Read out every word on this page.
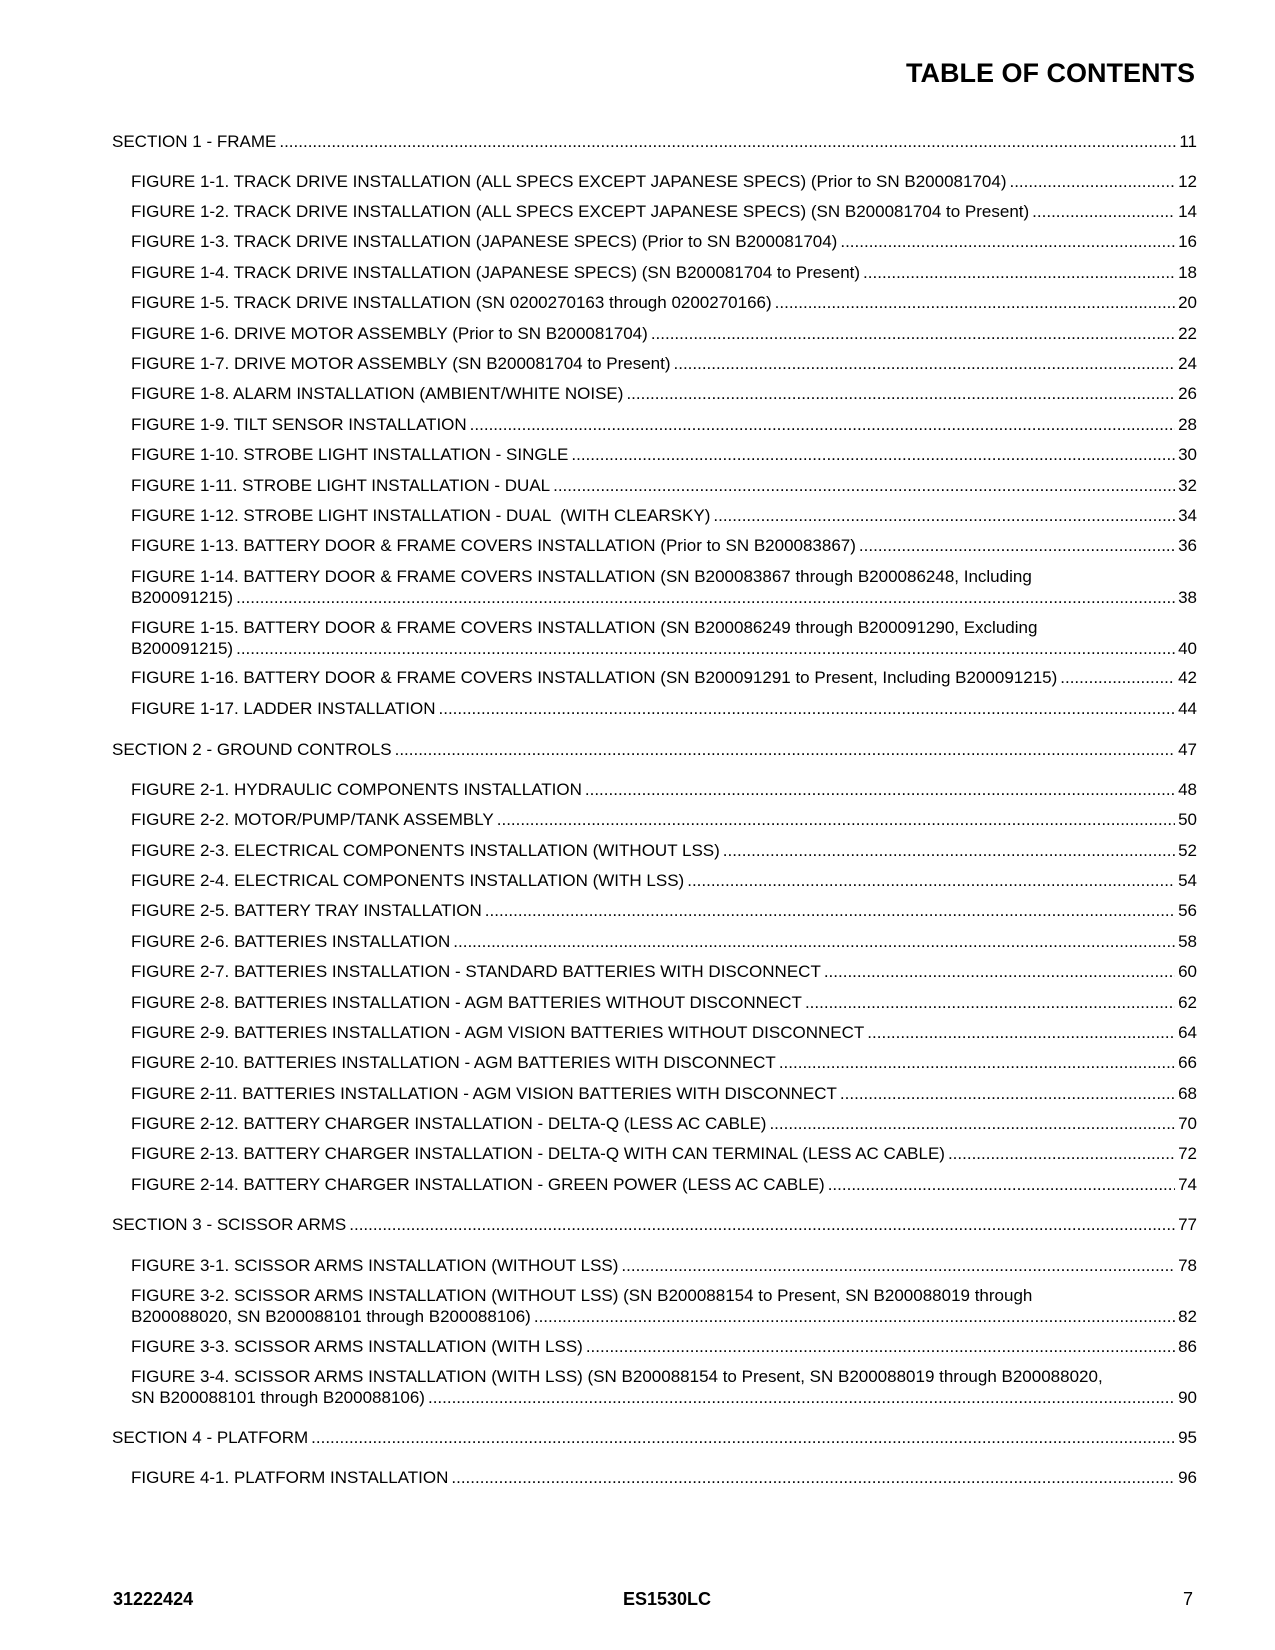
TABLE OF CONTENTS
SECTION 1 - FRAME .....	11
FIGURE 1-1. TRACK DRIVE INSTALLATION (ALL SPECS EXCEPT JAPANESE SPECS) (Prior to SN B200081704) .....	12
FIGURE 1-2. TRACK DRIVE INSTALLATION (ALL SPECS EXCEPT JAPANESE SPECS) (SN B200081704 to Present) .....	14
FIGURE 1-3. TRACK DRIVE INSTALLATION (JAPANESE SPECS) (Prior to SN B200081704) .....	16
FIGURE 1-4. TRACK DRIVE INSTALLATION (JAPANESE SPECS) (SN B200081704 to Present) .....	18
FIGURE 1-5. TRACK DRIVE INSTALLATION (SN 0200270163 through 0200270166) .....	20
FIGURE 1-6. DRIVE MOTOR ASSEMBLY (Prior to SN B200081704) .....	22
FIGURE 1-7. DRIVE MOTOR ASSEMBLY (SN B200081704 to Present) .....	24
FIGURE 1-8. ALARM INSTALLATION (AMBIENT/WHITE NOISE) .....	26
FIGURE 1-9. TILT SENSOR INSTALLATION .....	28
FIGURE 1-10. STROBE LIGHT INSTALLATION - SINGLE .....	30
FIGURE 1-11. STROBE LIGHT INSTALLATION - DUAL .....	32
FIGURE 1-12. STROBE LIGHT INSTALLATION - DUAL  (WITH CLEARSKY) .....	34
FIGURE 1-13. BATTERY DOOR & FRAME COVERS INSTALLATION (Prior to SN B200083867) .....	36
FIGURE 1-14. BATTERY DOOR & FRAME COVERS INSTALLATION (SN B200083867 through B200086248, Including
B200091215) .....	38
FIGURE 1-15. BATTERY DOOR & FRAME COVERS INSTALLATION (SN B200086249 through B200091290, Excluding
B200091215) .....	40
FIGURE 1-16. BATTERY DOOR & FRAME COVERS INSTALLATION (SN B200091291 to Present, Including B200091215) .....	42
FIGURE 1-17. LADDER INSTALLATION .....	44
SECTION 2 - GROUND CONTROLS .....	47
FIGURE 2-1. HYDRAULIC COMPONENTS INSTALLATION .....	48
FIGURE 2-2. MOTOR/PUMP/TANK ASSEMBLY .....	50
FIGURE 2-3. ELECTRICAL COMPONENTS INSTALLATION (WITHOUT LSS) .....	52
FIGURE 2-4. ELECTRICAL COMPONENTS INSTALLATION (WITH LSS) .....	54
FIGURE 2-5. BATTERY TRAY INSTALLATION .....	56
FIGURE 2-6. BATTERIES INSTALLATION .....	58
FIGURE 2-7. BATTERIES INSTALLATION - STANDARD BATTERIES WITH DISCONNECT .....	60
FIGURE 2-8. BATTERIES INSTALLATION - AGM BATTERIES WITHOUT DISCONNECT .....	62
FIGURE 2-9. BATTERIES INSTALLATION - AGM VISION BATTERIES WITHOUT DISCONNECT .....	64
FIGURE 2-10. BATTERIES INSTALLATION - AGM BATTERIES WITH DISCONNECT .....	66
FIGURE 2-11. BATTERIES INSTALLATION - AGM VISION BATTERIES WITH DISCONNECT .....	68
FIGURE 2-12. BATTERY CHARGER INSTALLATION - DELTA-Q (LESS AC CABLE) .....	70
FIGURE 2-13. BATTERY CHARGER INSTALLATION - DELTA-Q WITH CAN TERMINAL (LESS AC CABLE) .....	72
FIGURE 2-14. BATTERY CHARGER INSTALLATION - GREEN POWER (LESS AC CABLE) .....	74
SECTION 3 - SCISSOR ARMS .....	77
FIGURE 3-1. SCISSOR ARMS INSTALLATION (WITHOUT LSS) .....	78
FIGURE 3-2. SCISSOR ARMS INSTALLATION (WITHOUT LSS) (SN B200088154 to Present, SN B200088019 through
B200088020, SN B200088101 through B200088106) .....	82
FIGURE 3-3. SCISSOR ARMS INSTALLATION (WITH LSS) .....	86
FIGURE 3-4. SCISSOR ARMS INSTALLATION (WITH LSS) (SN B200088154 to Present, SN B200088019 through B200088020,
SN B200088101 through B200088106) .....	90
SECTION 4 - PLATFORM .....	95
FIGURE 4-1. PLATFORM INSTALLATION .....	96
31222424	ES1530LC	7
